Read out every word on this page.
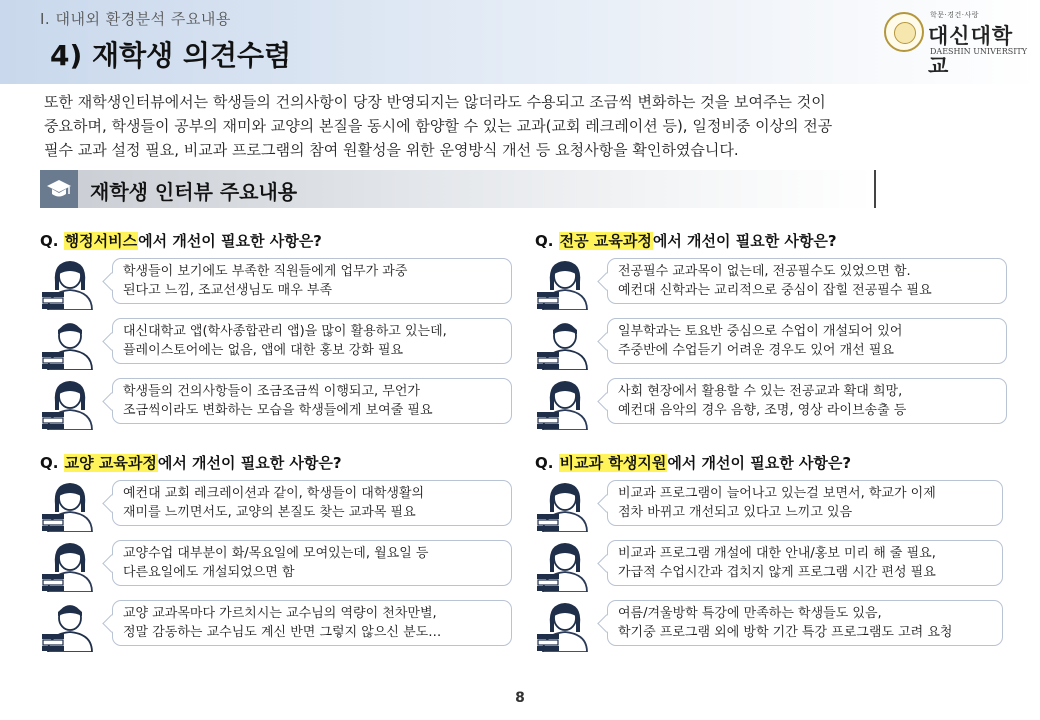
Ⅰ. 대내외 환경분석 주요내용
4) 재학생 의견수렴
학문·경건·사랑
대신대학교
DAESHIN UNIVERSITY

또한 재학생인터뷰에서는 학생들의 건의사항이 당장 반영되지는 않더라도 수용되고 조금씩 변화하는 것을 보여주는 것이

중요하며, 학생들이 공부의 재미와 교양의 본질을 동시에 함양할 수 있는 교과(교회 레크레이션 등), 일정비중 이상의 전공

필수 교과 설정 필요, 비교과 프로그램의 참여 원활성을 위한 운영방식 개선 등 요청사항을 확인하였습니다.

재학생 인터뷰 주요내용
Q. 행정서비스에서 개선이 필요한 사항은?
학생들이 보기에도 부족한 직원들에게 업무가 과중
된다고 느낌, 조교선생님도 매우 부족
대신대학교 앱(학사종합관리 앱)을 많이 활용하고 있는데,
플레이스토어에는 없음, 앱에 대한 홍보 강화 필요
학생들의 건의사항들이 조금조금씩 이행되고, 무언가
조금씩이라도 변화하는 모습을 학생들에게 보여줄 필요
Q. 전공 교육과정에서 개선이 필요한 사항은?
전공필수 교과목이 없는데, 전공필수도 있었으면 함.
예컨대 신학과는 교리적으로 중심이 잡힐 전공필수 필요
일부학과는 토요반 중심으로 수업이 개설되어 있어
주중반에 수업듣기 어려운 경우도 있어 개선 필요
사회 현장에서 활용할 수 있는 전공교과 확대 희망,
예컨대 음악의 경우 음향, 조명, 영상 라이브송출 등
Q. 교양 교육과정에서 개선이 필요한 사항은?
예컨대 교회 레크레이션과 같이, 학생들이 대학생활의
재미를 느끼면서도, 교양의 본질도 찾는 교과목 필요
교양수업 대부분이 화/목요일에 모여있는데, 월요일 등
다른요일에도 개설되었으면 함
교양 교과목마다 가르치시는 교수님의 역량이 천차만별,
정말 감동하는 교수님도 계신 반면 그렇지 않으신 분도…
Q. 비교과 학생지원에서 개선이 필요한 사항은?
비교과 프로그램이 늘어나고 있는걸 보면서, 학교가 이제
점차 바뀌고 개선되고 있다고 느끼고 있음
비교과 프로그램 개설에 대한 안내/홍보 미리 해 줄 필요,
가급적 수업시간과 겹치지 않게 프로그램 시간 편성 필요
여름/겨울방학 특강에 만족하는 학생들도 있음,
학기중 프로그램 외에 방학 기간 특강 프로그램도 고려 요청
8
